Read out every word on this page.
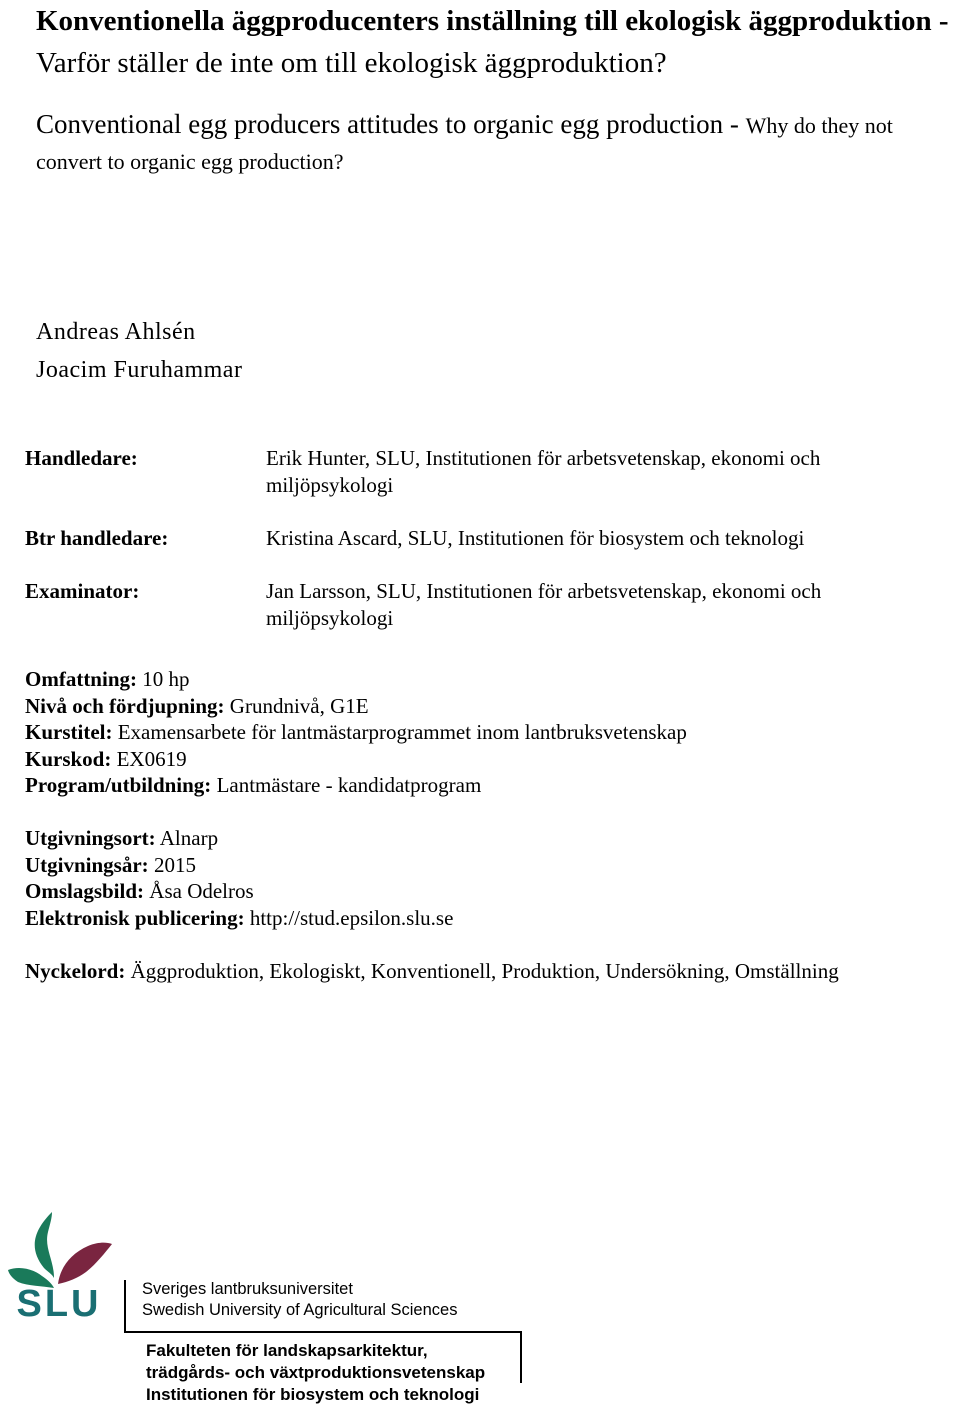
Konventionella äggproducenters inställning till ekologisk äggproduktion - Varför ställer de inte om till ekologisk äggproduktion?

Conventional egg producers attitudes to organic egg production - Why do they not
convert to organic egg production?
Andreas Ahlsén
Joacim Furuhammar
Handledare:	Erik Hunter, SLU, Institutionen för arbetsvetenskap, ekonomi och miljöpsykologi
Btr handledare:	Kristina Ascard, SLU, Institutionen för biosystem och teknologi
Examinator:	Jan Larsson, SLU, Institutionen för arbetsvetenskap, ekonomi och miljöpsykologi
Omfattning: 10 hp
Nivå och fördjupning: Grundnivå, G1E
Kurstitel: Examensarbete för lantmästarprogrammet inom lantbruksvetenskap
Kurskod: EX0619
Program/utbildning: Lantmästare - kandidatprogram
Utgivningsort: Alnarp
Utgivningsår: 2015
Omslagsbild: Åsa Odelros
Elektronisk publicering: http://stud.epsilon.slu.se
Nyckelord: Äggproduktion, Ekologiskt, Konventionell, Produktion, Undersökning, Omställning
SLU Sveriges lantbruksuniversitet
Swedish University of Agricultural Sciences
Fakulteten för landskapsarkitektur,
trädgårds- och växtproduktionsvetenskap
Institutionen för biosystem och teknologi
